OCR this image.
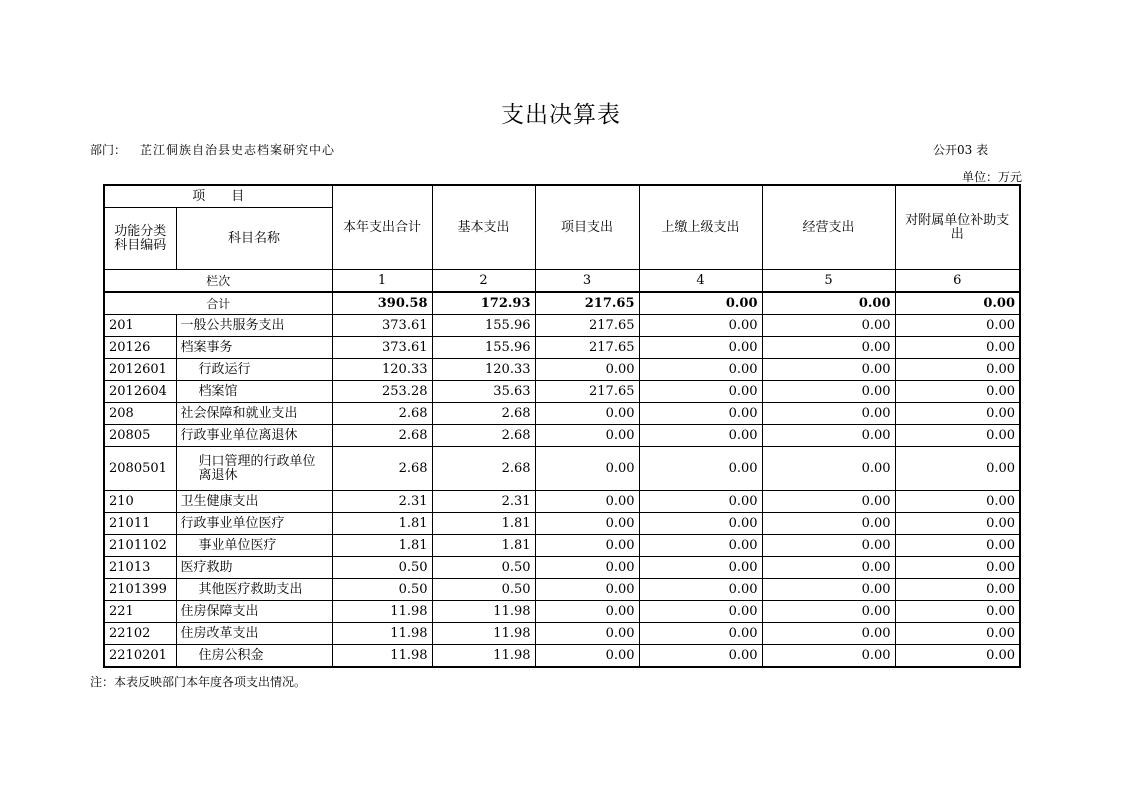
支出决算表
部门： 芷江侗族自治县史志档案研究中心	公开03 表
单位：万元
项　　目		本年支出合计	基本支出	项目支出	上缴上级支出	经营支出	对附属单位补助支出
功能分类科目编码	科目名称						
栏次		1	2	3	4	5	6
合计		390.58	172.93	217.65	0.00	0.00	0.00
201	一般公共服务支出	373.61	155.96	217.65	0.00	0.00	0.00
20126	档案事务	373.61	155.96	217.65	0.00	0.00	0.00
2012601	行政运行	120.33	120.33	0.00	0.00	0.00	0.00
2012604	档案馆	253.28	35.63	217.65	0.00	0.00	0.00
208	社会保障和就业支出	2.68	2.68	0.00	0.00	0.00	0.00
20805	行政事业单位离退休	2.68	2.68	0.00	0.00	0.00	0.00
2080501	归口管理的行政单位离退休	2.68	2.68	0.00	0.00	0.00	0.00
210	卫生健康支出	2.31	2.31	0.00	0.00	0.00	0.00
21011	行政事业单位医疗	1.81	1.81	0.00	0.00	0.00	0.00
2101102	事业单位医疗	1.81	1.81	0.00	0.00	0.00	0.00
21013	医疗救助	0.50	0.50	0.00	0.00	0.00	0.00
2101399	其他医疗救助支出	0.50	0.50	0.00	0.00	0.00	0.00
221	住房保障支出	11.98	11.98	0.00	0.00	0.00	0.00
22102	住房改革支出	11.98	11.98	0.00	0.00	0.00	0.00
2210201	住房公积金	11.98	11.98	0.00	0.00	0.00	0.00
注：本表反映部门本年度各项支出情况。
